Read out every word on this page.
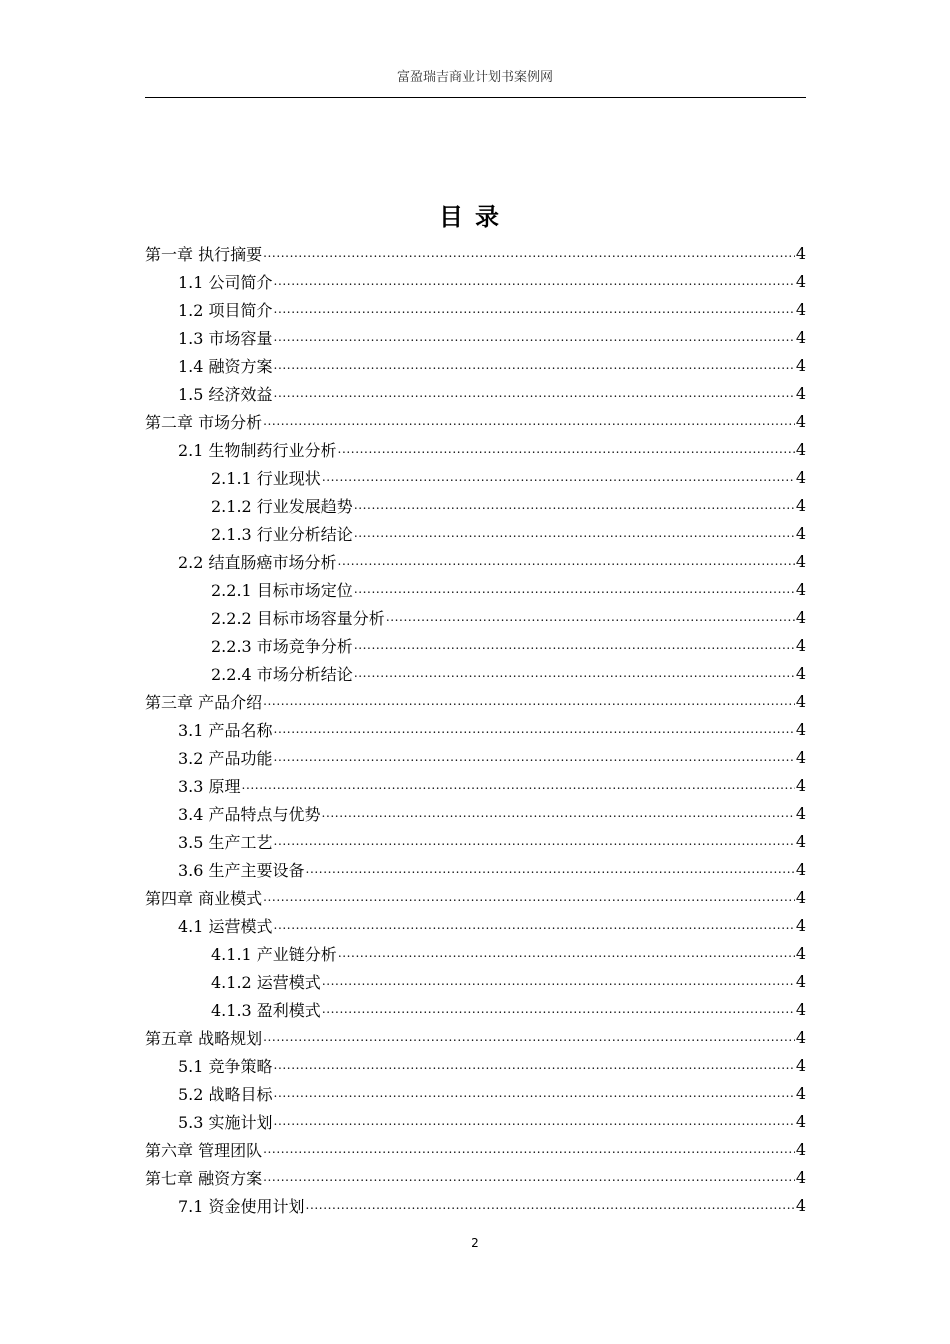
富盈瑞吉商业计划书案例网
目录
第一章 执行摘要 .....	4
1.1 公司简介 .....	4
1.2 项目简介 .....	4
1.3 市场容量 .....	4
1.4 融资方案 .....	4
1.5 经济效益 .....	4
第二章 市场分析 .....	4
2.1 生物制药行业分析 .....	4
2.1.1 行业现状 .....	4
2.1.2 行业发展趋势 .....	4
2.1.3 行业分析结论 .....	4
2.2 结直肠癌市场分析 .....	4
2.2.1 目标市场定位 .....	4
2.2.2 目标市场容量分析 .....	4
2.2.3 市场竞争分析 .....	4
2.2.4 市场分析结论 .....	4
第三章 产品介绍 .....	4
3.1 产品名称 .....	4
3.2 产品功能 .....	4
3.3 原理 .....	4
3.4 产品特点与优势 .....	4
3.5 生产工艺 .....	4
3.6 生产主要设备 .....	4
第四章 商业模式 .....	4
4.1 运营模式 .....	4
4.1.1 产业链分析 .....	4
4.1.2 运营模式 .....	4
4.1.3 盈利模式 .....	4
第五章 战略规划 .....	4
5.1 竞争策略 .....	4
5.2 战略目标 .....	4
5.3 实施计划 .....	4
第六章 管理团队 .....	4
第七章 融资方案 .....	4
7.1 资金使用计划 .....	4
2
